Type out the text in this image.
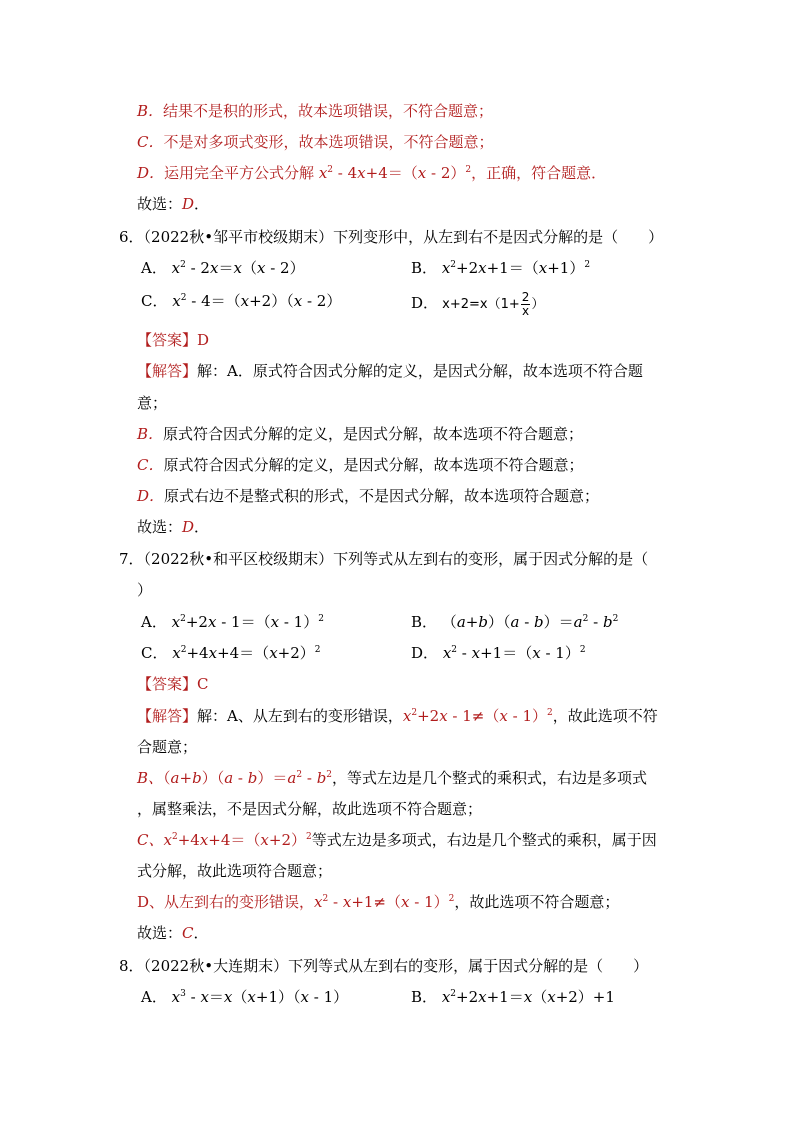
B．结果不是积的形式，故本选项错误，不符合题意；
C．不是对多项式变形，故本选项错误，不符合题意；
D．运用完全平方公式分解 $x^2 - 4x+4=(x - 2)^2$，正确，符合题意．
故选：D．
6．（2022秋•邹平市校级期末）下列变形中，从左到右不是因式分解的是（　　）
A． $x^2 - 2x=x(x - 2)$	B． $x^2+2x+1=(x+1)^2$
C． $x^2 - 4=(x+2)(x - 2)$	D． $x+2=x(1+ \frac{2}{x}$ ）
【答案】D
【解答】解：A．原式符合因式分解的定义，是因式分解，故本选项不符合题
意；
B．原式符合因式分解的定义，是因式分解，故本选项不符合题意；
C．原式符合因式分解的定义，是因式分解，故本选项不符合题意；
D．原式右边不是整式积的形式，不是因式分解，故本选项符合题意；
故选：D．
7．（2022秋•和平区校级期末）下列等式从左到右的变形，属于因式分解的是（
）
A． $x^2+2x - 1=(x - 1)^2$	B． $(a+b)(a - b)=a^2 - b^2$
C． $x^2+4x+4=(x+2)^2$	D． $x^2 - x+1=(x - 1)^2$
【答案】C
【解答】解：A、从左到右的变形错误，$x^2+2x - 1\ne(x - 1)^2$，故此选项不符
合题意；
B、$(a+b)(a - b)=a^2 - b^2$，等式左边是几个整式的乘积式，右边是多项式
，属整乘法，不是因式分解，故此选项不符合题意；
C、$x^2+4x+4=(x+2)^2$等式左边是多项式，右边是几个整式的乘积，属于因
式分解，故此选项符合题意；
D、从左到右的变形错误，$x^2 - x+1\ne(x - 1)^2$，故此选项不符合题意；
故选：C．
8．（2022秋•大连期末）下列等式从左到右的变形，属于因式分解的是（　　）
A． $x^3 - x=x(x+1)(x - 1)$	B． $x^2+2x+1=x(x+2)+1$
